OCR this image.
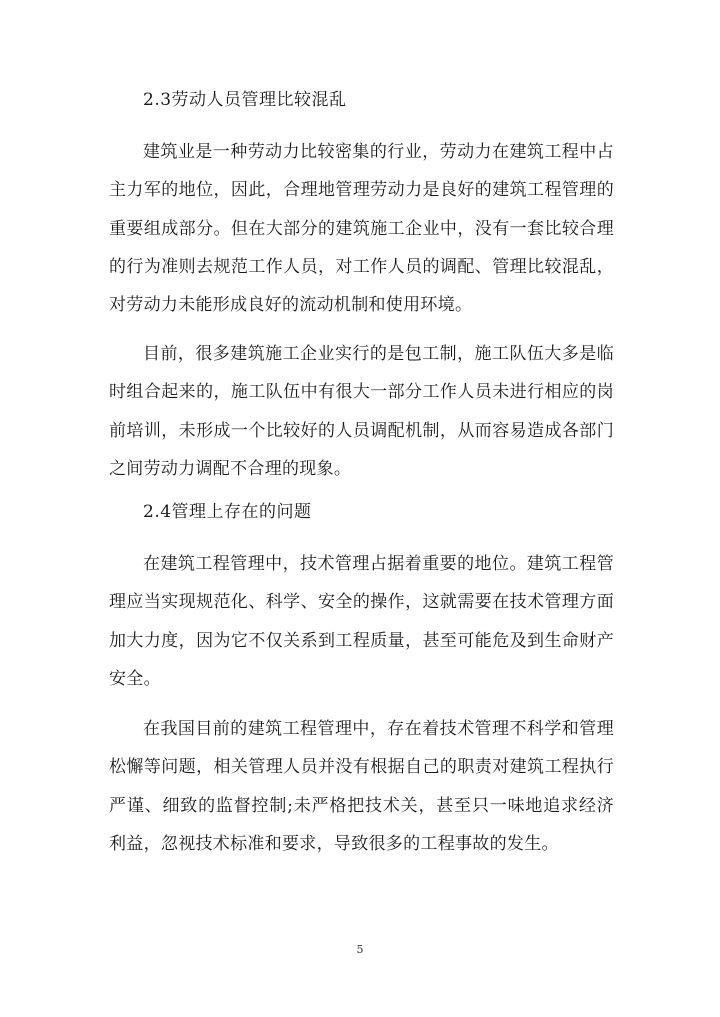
2.3劳动人员管理比较混乱

建筑业是一种劳动力比较密集的行业，劳动力在建筑工程中占主力军的地位，因此，合理地管理劳动力是良好的建筑工程管理的重要组成部分。但在大部分的建筑施工企业中，没有一套比较合理的行为准则去规范工作人员，对工作人员的调配、管理比较混乱，对劳动力未能形成良好的流动机制和使用环境。

目前，很多建筑施工企业实行的是包工制，施工队伍大多是临时组合起来的，施工队伍中有很大一部分工作人员未进行相应的岗前培训，未形成一个比较好的人员调配机制，从而容易造成各部门之间劳动力调配不合理的现象。

2.4管理上存在的问题

在建筑工程管理中，技术管理占据着重要的地位。建筑工程管理应当实现规范化、科学、安全的操作，这就需要在技术管理方面加大力度，因为它不仅关系到工程质量，甚至可能危及到生命财产安全。

在我国目前的建筑工程管理中，存在着技术管理不科学和管理松懈等问题，相关管理人员并没有根据自己的职责对建筑工程执行严谨、细致的监督控制;未严格把技术关，甚至只一味地追求经济利益，忽视技术标准和要求，导致很多的工程事故的发生。

5
